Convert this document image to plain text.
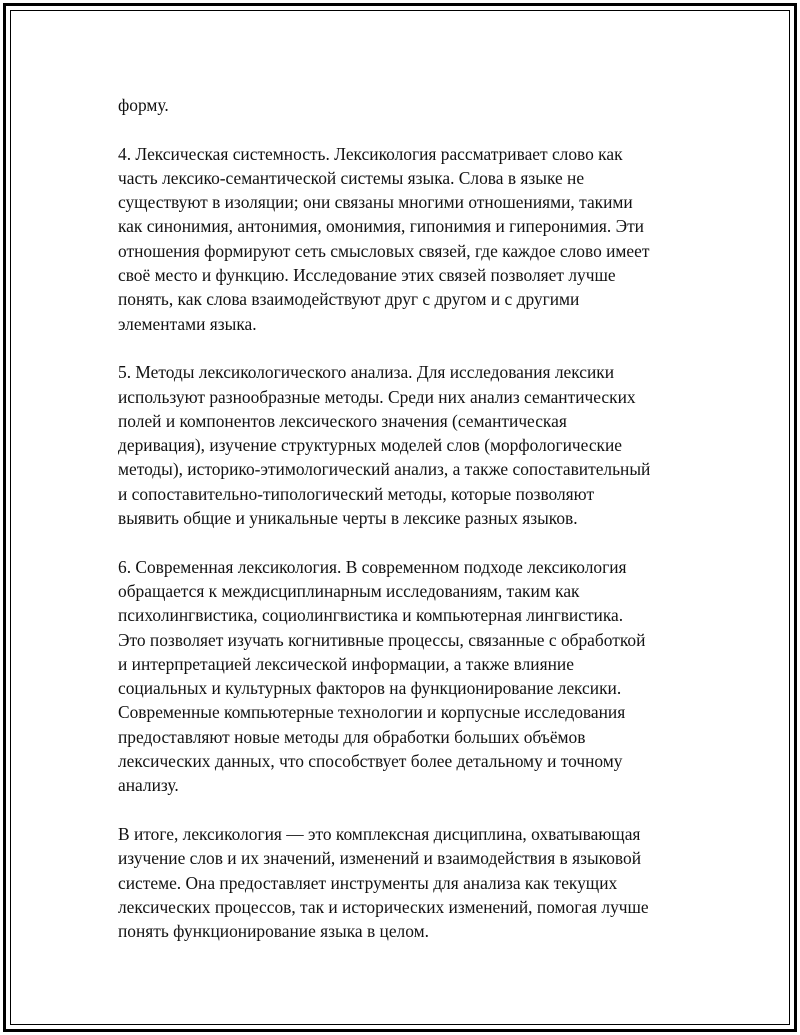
форму.

4. Лексическая системность. Лексикология рассматривает слово как
часть лексико-семантической системы языка. Слова в языке не
существуют в изоляции; они связаны многими отношениями, такими
как синонимия, антонимия, омонимия, гипонимия и гиперонимия. Эти
отношения формируют сеть смысловых связей, где каждое слово имеет
своё место и функцию. Исследование этих связей позволяет лучше
понять, как слова взаимодействуют друг с другом и с другими
элементами языка.

5. Методы лексикологического анализа. Для исследования лексики
используют разнообразные методы. Среди них анализ семантических
полей и компонентов лексического значения (семантическая
деривация), изучение структурных моделей слов (морфологические
методы), историко-этимологический анализ, а также сопоставительный
и сопоставительно-типологический методы, которые позволяют
выявить общие и уникальные черты в лексике разных языков.

6. Современная лексикология. В современном подходе лексикология
обращается к междисциплинарным исследованиям, таким как
психолингвистика, социолингвистика и компьютерная лингвистика.
Это позволяет изучать когнитивные процессы, связанные с обработкой
и интерпретацией лексической информации, а также влияние
социальных и культурных факторов на функционирование лексики.
Современные компьютерные технологии и корпусные исследования
предоставляют новые методы для обработки больших объёмов
лексических данных, что способствует более детальному и точному
анализу.

В итоге, лексикология — это комплексная дисциплина, охватывающая
изучение слов и их значений, изменений и взаимодействия в языковой
системе. Она предоставляет инструменты для анализа как текущих
лексических процессов, так и исторических изменений, помогая лучше
понять функционирование языка в целом.
